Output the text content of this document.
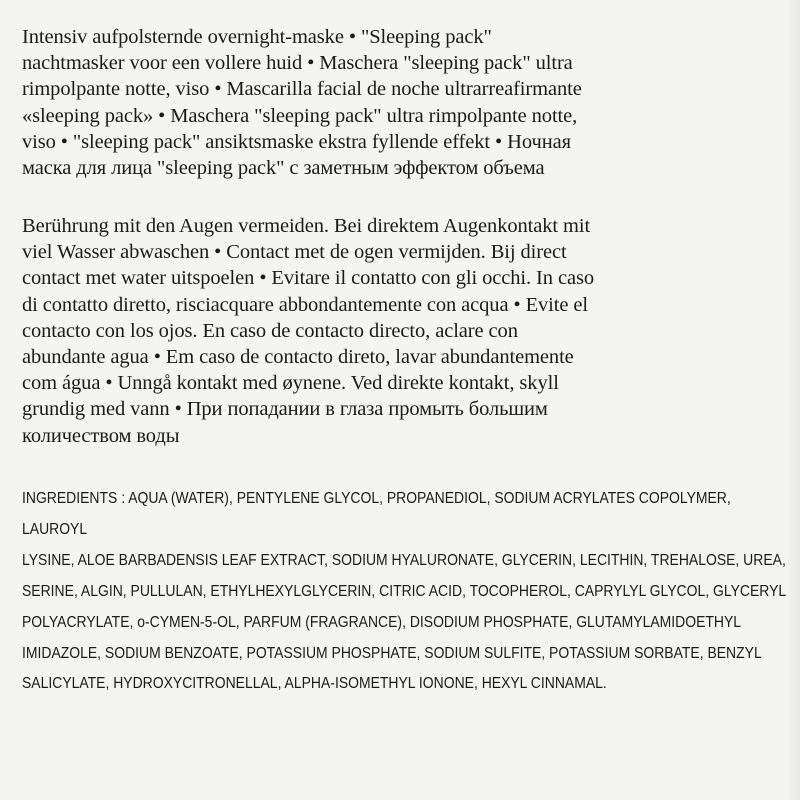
Intensiv aufpolsternde overnight-maske • "Sleeping pack"
nachtmasker voor een vollere huid • Maschera "sleeping pack" ultra
rimpolpante notte, viso • Mascarilla facial de noche ultrarreafirmante
«sleeping pack» • Maschera "sleeping pack" ultra rimpolpante notte,
viso • "sleeping pack" ansiktsmaske ekstra fyllende effekt • Ночная
маска для лица "sleeping pack" с заметным эффектом объема
Berührung mit den Augen vermeiden. Bei direktem Augenkontakt mit
viel Wasser abwaschen • Contact met de ogen vermijden. Bij direct
contact met water uitspoelen • Evitare il contatto con gli occhi. In caso
di contatto diretto, risciacquare abbondantemente con acqua • Evite el
contacto con los ojos. En caso de contacto directo, aclare con
abundante agua • Em caso de contacto direto, lavar abundantemente
com água • Unngå kontakt med øynene. Ved direkte kontakt, skyll
grundig med vann • При попадании в глаза промыть большим
количеством воды
INGREDIENTS : AQUA (WATER), PENTYLENE GLYCOL, PROPANEDIOL, SODIUM ACRYLATES COPOLYMER, LAUROYL
LYSINE, ALOE BARBADENSIS LEAF EXTRACT, SODIUM HYALURONATE, GLYCERIN, LECITHIN, TREHALOSE, UREA,
SERINE, ALGIN, PULLULAN, ETHYLHEXYLGLYCERIN, CITRIC ACID, TOCOPHEROL, CAPRYLYL GLYCOL, GLYCERYL
POLYACRYLATE, o-CYMEN-5-OL, PARFUM (FRAGRANCE), DISODIUM PHOSPHATE, GLUTAMYLAMIDOETHYL
IMIDAZOLE, SODIUM BENZOATE, POTASSIUM PHOSPHATE, SODIUM SULFITE, POTASSIUM SORBATE, BENZYL
SALICYLATE, HYDROXYCITRONELLAL, ALPHA-ISOMETHYL IONONE, HEXYL CINNAMAL.
